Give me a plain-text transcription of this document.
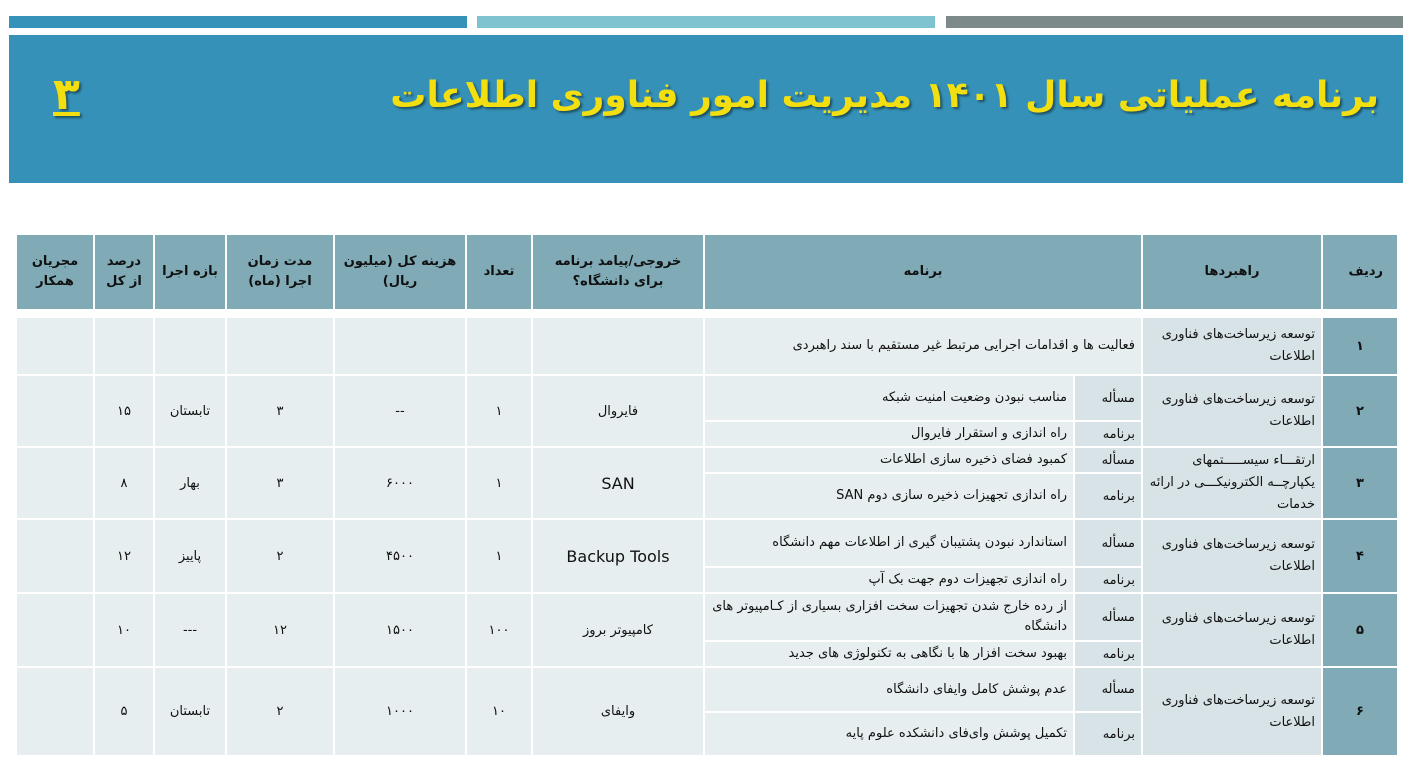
برنامه عملیاتی سال ۱۴۰۱ مدیریت امور فناوری اطلاعات
۳
ردیف	راهبردها	برنامه		خروجی/پیامد برنامه برای دانشگاه؟	تعداد	هزینه کل (میلیون ریال)	مدت زمان اجرا (ماه)	بازه اجرا	درصد از کل	مجریان همکار

۱	توسعه زیرساخت‌های فناوری اطلاعات	فعالیت ها و اقدامات اجرایی مرتبط غیر مستقیم با سند راهبردی								
۲	توسعه زیرساخت‌های فناوری اطلاعات	مسأله	مناسب نبودن وضعیت امنیت شبکه	فایروال	۱	--	۳	تابستان	۱۵	
		برنامه	راه اندازی و استقرار فایروال							
۳	ارتقـــاء سیســـــتمهای یکپارچــه الکترونیکـــی در ارائه خدمات	مسأله	کمبود فضای ذخیره سازی اطلاعات	SAN	۱	۶۰۰۰	۳	بهار	۸	
		برنامه	راه اندازی تجهیزات ذخیره سازی دوم SAN							
۴	توسعه زیرساخت‌های فناوری اطلاعات	مسأله	استاندارد نبودن پشتیبان گیری از اطلاعات مهم دانشگاه	Backup Tools	۱	۴۵۰۰	۲	پاییز	۱۲	
		برنامه	راه اندازی تجهیزات دوم جهت بک آپ							
۵	توسعه زیرساخت‌های فناوری اطلاعات	مسأله	از رده خارج شدن تجهیزات سخت افزاری بسیاری از کـامپیوتر های دانشگاه	کامپیوتر بروز	۱۰۰	۱۵۰۰	۱۲	---	۱۰	
		برنامه	بهبود سخت افزار ها با نگاهی به تکنولوژی های جدید							
۶	توسعه زیرساخت‌های فناوری اطلاعات	مسأله	عدم پوشش کامل وایفای دانشگاه	وایفای	۱۰	۱۰۰۰	۲	تابستان	۵	
		برنامه	تکمیل پوشش وای‌فای دانشکده علوم پایه							
